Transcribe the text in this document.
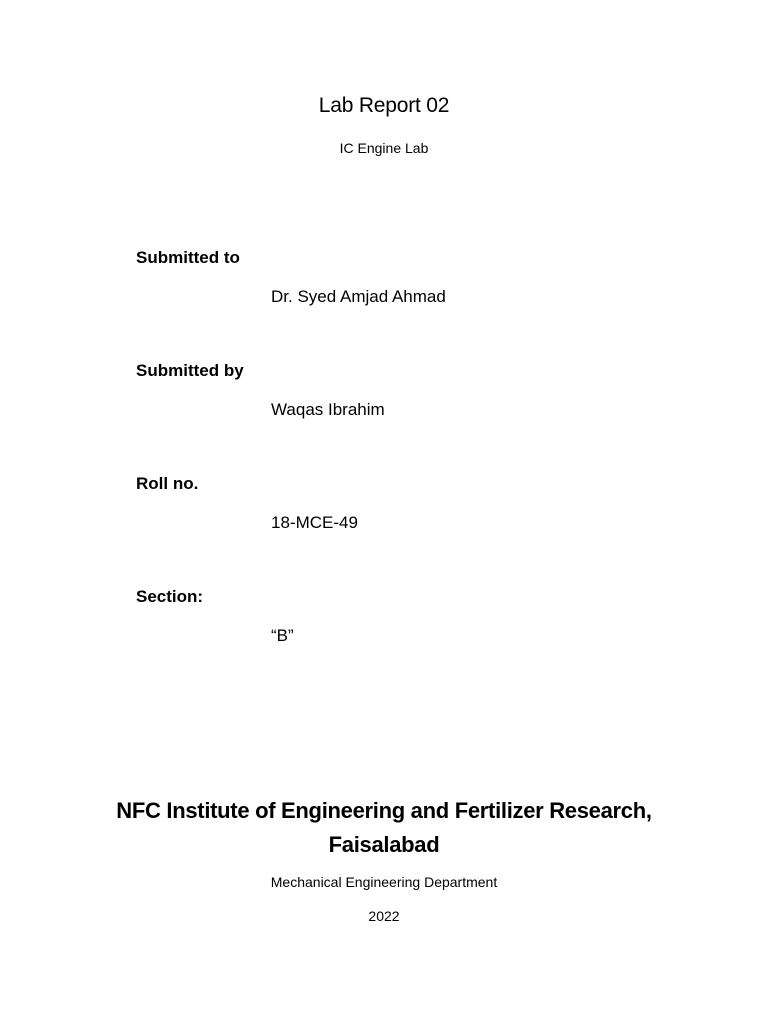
Lab Report 02
IC Engine Lab
Submitted to
Dr. Syed Amjad Ahmad
Submitted by
Waqas Ibrahim
Roll no.
18-MCE-49
Section:
“B”
NFC Institute of Engineering and Fertilizer Research,
Faisalabad
Mechanical Engineering Department
2022
